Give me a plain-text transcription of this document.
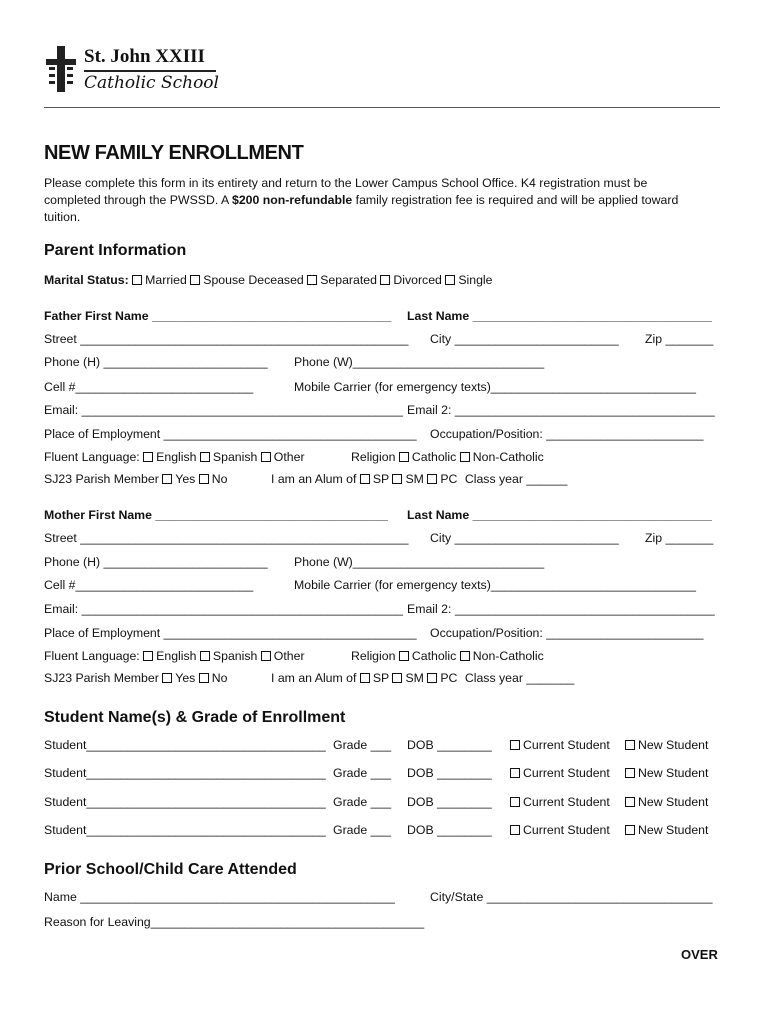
St. John XXIII
Catholic School
NEW FAMILY ENROLLMENT
Please complete this form in its entirety and return to the Lower Campus School Office. K4 registration must be
completed through the PWSSD. A $200 non-refundable family registration fee is required and will be applied toward
tuition.
Parent Information
Marital Status: Married Spouse Deceased Separated Divorced Single
Father First Name ___________________________________ Last Name ___________________________________
Street ________________________________________________ City ________________________ Zip _______
Phone (H) ________________________ Phone (W)____________________________
Cell #__________________________	Mobile Carrier (for emergency texts)______________________________
Email: _______________________________________________ Email 2: ______________________________________
Place of Employment _____________________________________ Occupation/Position: _______________________
Fluent Language: English Spanish Other	Religion Catholic Non-Catholic
SJ23 Parish Member Yes No	I am an Alum of SP SM PC Class year ______
Mother First Name __________________________________ Last Name ___________________________________
Street ________________________________________________ City ________________________ Zip _______
Phone (H) ________________________ Phone (W)____________________________
Cell #__________________________	Mobile Carrier (for emergency texts)______________________________
Email: _______________________________________________ Email 2: ______________________________________
Place of Employment _____________________________________ Occupation/Position: _______________________
Fluent Language: English Spanish Other	Religion Catholic Non-Catholic
SJ23 Parish Member Yes No	I am an Alum of SP SM PC Class year _______
Student Name(s) & Grade of Enrollment
Student___________________________________ Grade ___ DOB ________	Current Student	New Student
Student___________________________________ Grade ___ DOB ________	Current Student	New Student
Student___________________________________ Grade ___ DOB ________	Current Student	New Student
Student___________________________________ Grade ___ DOB ________	Current Student	New Student
Prior School/Child Care Attended
Name ______________________________________________	City/State _________________________________
Reason for Leaving________________________________________
OVER
